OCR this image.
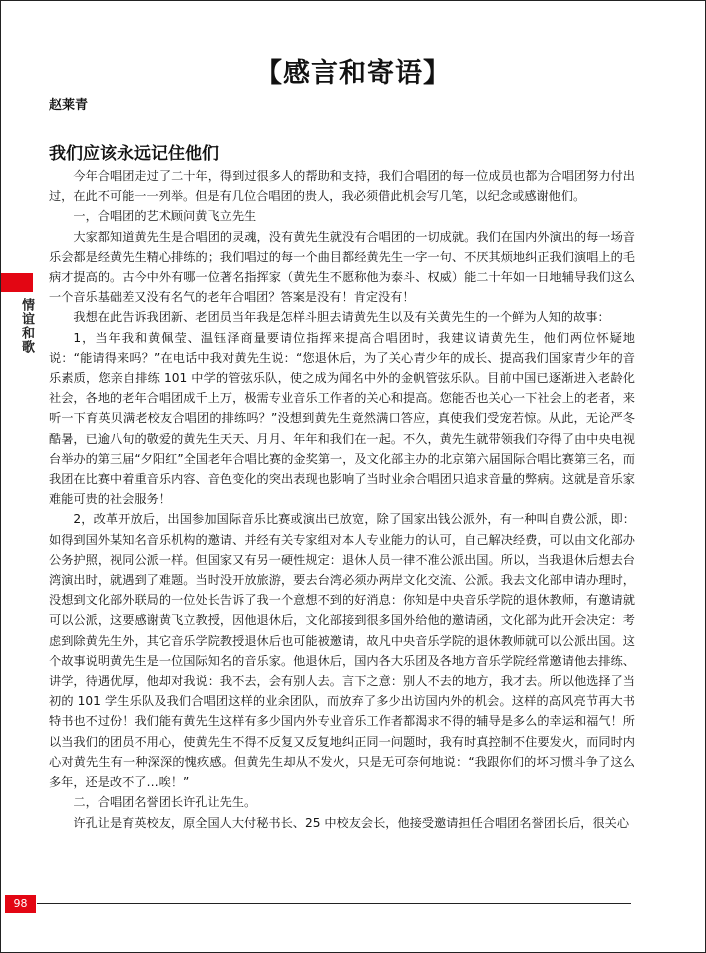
【感言和寄语】
赵莱青
我们应该永远记住他们

今年合唱团走过了二十年，得到过很多人的帮助和支持，我们合唱团的每一位成员也都为合唱团努力付出过，在此不可能一一列举。但是有几位合唱团的贵人，我必须借此机会写几笔，以纪念或感谢他们。

一，合唱团的艺术顾问黄飞立先生

大家都知道黄先生是合唱团的灵魂，没有黄先生就没有合唱团的一切成就。我们在国内外演出的每一场音乐会都是经黄先生精心排练的；我们唱过的每一个曲目都经黄先生一字一句、不厌其烦地纠正我们演唱上的毛病才提高的。古今中外有哪一位著名指挥家（黄先生不愿称他为泰斗、权威）能二十年如一日地辅导我们这么一个音乐基础差又没有名气的老年合唱团？答案是没有！肯定没有！

我想在此告诉我团新、老团员当年我是怎样斗胆去请黄先生以及有关黄先生的一个鲜为人知的故事：

1，当年我和黄佩莹、温钰泽商量要请位指挥来提高合唱团时，我建议请黄先生，他们两位怀疑地说：“能请得来吗？”在电话中我对黄先生说：“您退休后，为了关心青少年的成长、提高我们国家青少年的音乐素质，您亲自排练 101 中学的管弦乐队，使之成为闻名中外的金帆管弦乐队。目前中国已逐渐进入老龄化社会，各地的老年合唱团成千上万，极需专业音乐工作者的关心和提高。您能否也关心一下社会上的老者，来听一下育英贝满老校友合唱团的排练吗？”没想到黄先生竟然满口答应，真使我们受宠若惊。从此，无论严冬酷暑，已逾八旬的敬爱的黄先生天天、月月、年年和我们在一起。不久，黄先生就带领我们夺得了由中央电视台举办的第三届“夕阳红”全国老年合唱比赛的金奖第一，及文化部主办的北京第六届国际合唱比赛第三名，而我团在比赛中着重音乐内容、音色变化的突出表现也影响了当时业余合唱团只追求音量的弊病。这就是音乐家难能可贵的社会服务！

2，改革开放后，出国参加国际音乐比赛或演出已放宽，除了国家出钱公派外，有一种叫自费公派，即：如得到国外某知名音乐机构的邀请、并经有关专家组对本人专业能力的认可，自己解决经费，可以由文化部办公务护照，视同公派一样。但国家又有另一硬性规定：退休人员一律不准公派出国。所以，当我退休后想去台湾演出时，就遇到了难题。当时没开放旅游，要去台湾必须办两岸文化交流、公派。我去文化部申请办理时，没想到文化部外联局的一位处长告诉了我一个意想不到的好消息：你知是中央音乐学院的退休教师，有邀请就可以公派，这要感谢黄飞立教授，因他退休后，文化部接到很多国外给他的邀请函，文化部为此开会决定：考虑到除黄先生外，其它音乐学院教授退休后也可能被邀请，故凡中央音乐学院的退休教师就可以公派出国。这个故事说明黄先生是一位国际知名的音乐家。他退休后，国内各大乐团及各地方音乐学院经常邀请他去排练、讲学，待遇优厚，他却对我说：我不去，会有别人去。言下之意：别人不去的地方，我才去。所以他选择了当初的 101 学生乐队及我们合唱团这样的业余团队，而放弃了多少出访国内外的机会。这样的高风亮节再大书特书也不过份！我们能有黄先生这样有多少国内外专业音乐工作者都渴求不得的辅导是多么的幸运和福气！所以当我们的团员不用心，使黄先生不得不反复又反复地纠正同一问题时，我有时真控制不住要发火，而同时内心对黄先生有一种深深的愧疚感。但黄先生却从不发火，只是无可奈何地说：“我跟你们的坏习惯斗争了这么多年，还是改不了…唉！”

二，合唱团名誉团长许孔让先生。

许孔让是育英校友，原全国人大付秘书长、25 中校友会长，他接受邀请担任合唱团名誉团长后，很关心

情谊和歌
98
